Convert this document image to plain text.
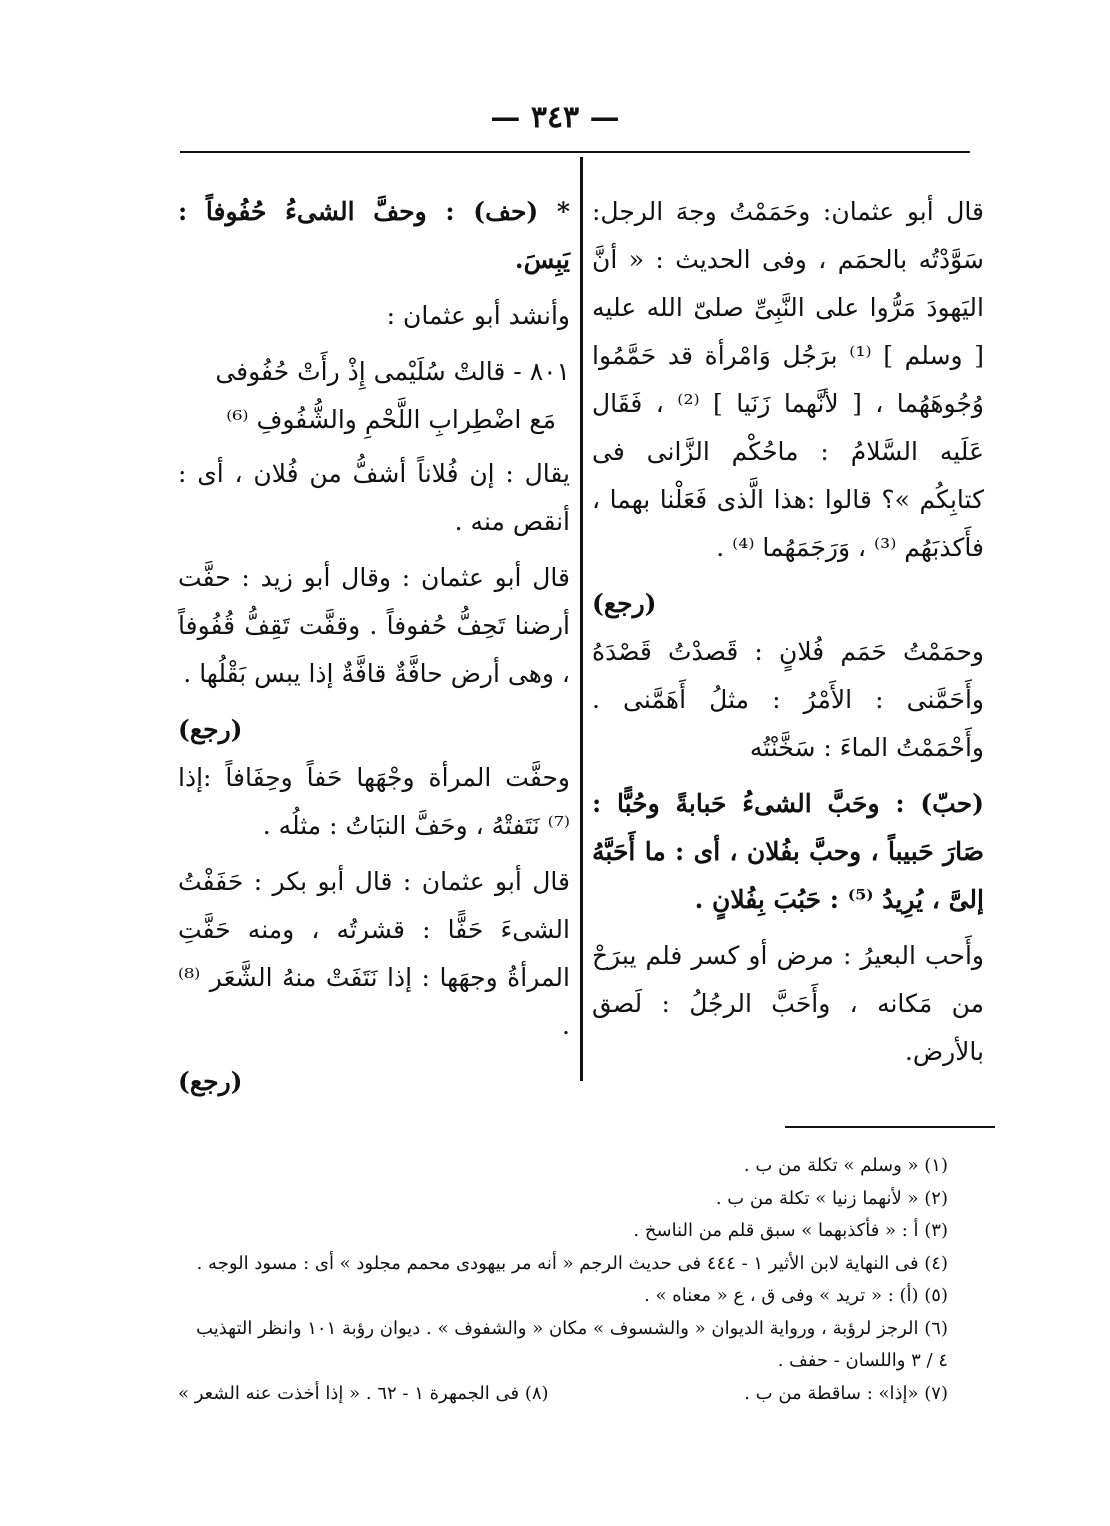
— ٣٤٣ —

قال أبو عثمان: وحَمَمْتُ وجهَ الرجل: سَوَّدْتُه بالحمَم ، وفى الحديث : « أنَّ اليَهودَ مَرُّوا على النَّبِىِّ صلىّ الله عليه [ وسلم ] ⁽¹⁾ برَجُل وَامْرأة قد حَمَّمُوا وُجُوهَهُما ، [ لأنَّهما زَنَيا ] ⁽²⁾ ، فَقَال عَلَيه السَّلامُ : ماحُكْم الزَّانى فى كتابِكُم »؟ قالوا :هذا الَّذى فَعَلْنا بهما ، فأَكذبَهُم ⁽³⁾ ، وَرَجَمَهُما ⁽⁴⁾ .

(رجع)

وحمَمْتُ حَمَم فُلانٍ : قَصدْتُ قَصْدَهُ وأَحَمَّنى : الأَمْرُ : مثلُ أَهَمَّنى . وأَحْمَمْتُ الماءَ : سَخَّنْتُه

(حبّ) : وحَبَّ الشىءُ حَبابةً وحُبًّا : صَارَ حَبيباً ، وحبَّ بفُلان ، أى : ما أَحَبَّهُ إلىَّ ، يُرِيدُ ⁽⁵⁾ : حَبُبَ بِفُلانٍ .

وأَحب البعيرُ : مرض أو كسر فلم يبرَحْ من مَكانه ، وأَحَبَّ الرجُلُ : لَصق بالأرض.

* (حف) : وحفَّ الشىءُ حُفُوفاً : يَبِسَ.

وأنشد أبو عثمان :

٨٠١ - قالتْ سُلَيْمى إِذْ رأَتْ حُفُوفى
مَع اضْطِرابِ اللَّحْمِ والشُّفُوفِ ⁽⁶⁾

يقال : إن فُلاناً أشفُّ من فُلان ، أى : أنقص منه .

قال أبو عثمان : وقال أبو زيد : حفَّت أرضنا تَحِفُّ حُفوفاً . وقفَّت تَقِفُّ قُفُوفاً ، وهى أرض حافَّةٌ قافَّةٌ إذا يبس بَقْلُها .

(رجع)

وحفَّت المرأة وجْهَها حَفاً وحِفَافاً :إذا ⁽⁷⁾ نَتَفتْهُ ، وحَفَّ النبَاتُ : مثلُه .

قال أبو عثمان : قال أبو بكر : حَفَفْتُ الشىءَ حَفًّا : قشرتُه ، ومنه حَفَّتِ المرأةُ وجهَها : إذا نَتَفَتْ منهُ الشَّعَر ⁽⁸⁾ .

(رجع)
(١) « وسلم » تكلة من ب .
(٢) « لأنهما زنيا » تكلة من ب .
(٣) أ : « فأكذبهما » سبق قلم من الناسخ .
(٤) فى النهاية لابن الأثير ١ - ٤٤٤ فى حديث الرجم « أنه مر بيهودى محمم مجلود » أى : مسود الوجه .
(٥) (أ) : « تريد » وفى ق ، ع « معناه » .
(٦) الرجز لرؤبة ، ورواية الديوان « والشسوف » مكان « والشفوف » . ديوان رؤبة ١٠١ وانظر التهذيب
٤ / ٣ واللسان - حفف .
(٧) «إذا» : ساقطة من ب .
(٨) فى الجمهرة ١ - ٦٢ . « إذا أخذت عنه الشعر »
